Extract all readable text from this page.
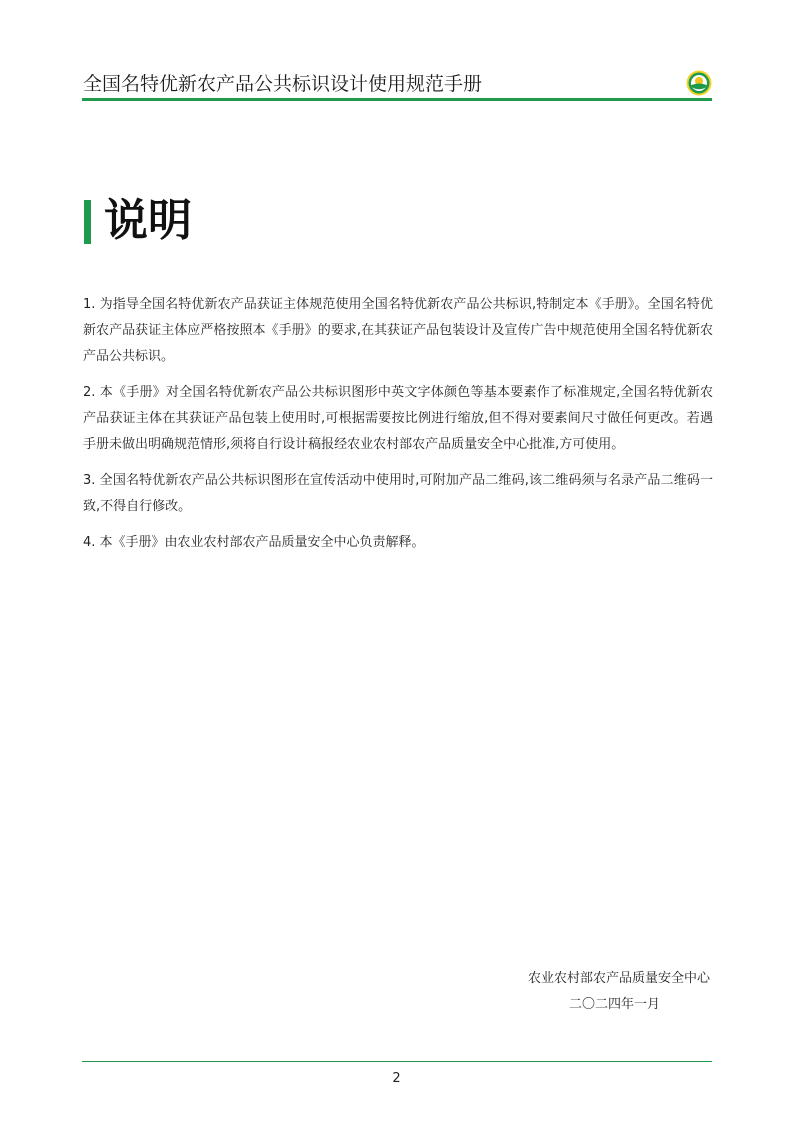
全国名特优新农产品公共标识设计使用规范手册
说明

1. 为指导全国名特优新农产品获证主体规范使用全国名特优新农产品公共标识,特制定本《手册》。全国名特优新农产品获证主体应严格按照本《手册》的要求,在其获证产品包装设计及宣传广告中规范使用全国名特优新农产品公共标识。

2. 本《手册》对全国名特优新农产品公共标识图形中英文字体颜色等基本要素作了标准规定,全国名特优新农产品获证主体在其获证产品包装上使用时,可根据需要按比例进行缩放,但不得对要素间尺寸做任何更改。若遇手册未做出明确规范情形,须将自行设计稿报经农业农村部农产品质量安全中心批准,方可使用。

3. 全国名特优新农产品公共标识图形在宣传活动中使用时,可附加产品二维码,该二维码须与名录产品二维码一致,不得自行修改。

4. 本《手册》由农业农村部农产品质量安全中心负责解释。

农业农村部农产品质量安全中心
二〇二四年一月
2
